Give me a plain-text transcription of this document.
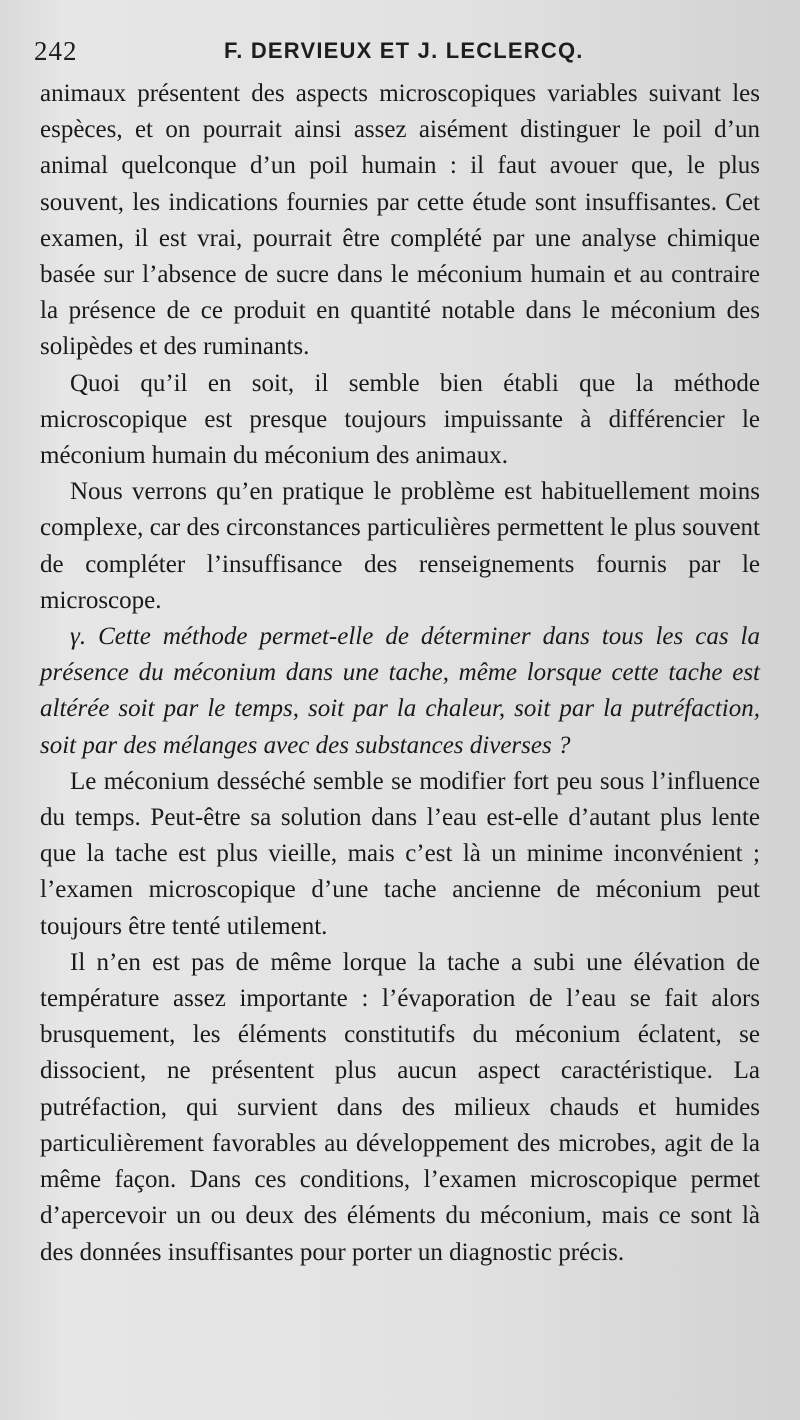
242	F. DERVIEUX ET J. LECLERCQ.

animaux présentent des aspects microscopiques variables suivant les espèces, et on pourrait ainsi assez aisément distinguer le poil d’un animal quelconque d’un poil humain : il faut avouer que, le plus souvent, les indications fournies par cette étude sont insuffisantes. Cet examen, il est vrai, pourrait être complété par une analyse chimique basée sur l’absence de sucre dans le méconium humain et au contraire la présence de ce produit en quantité notable dans le méconium des solipèdes et des ruminants.

Quoi qu’il en soit, il semble bien établi que la méthode microscopique est presque toujours impuissante à différencier le méconium humain du méconium des animaux.

Nous verrons qu’en pratique le problème est habituellement moins complexe, car des circonstances particulières permettent le plus souvent de compléter l’insuffisance des renseignements fournis par le microscope.

γ. Cette méthode permet-elle de déterminer dans tous les cas la présence du méconium dans une tache, même lorsque cette tache est altérée soit par le temps, soit par la chaleur, soit par la putréfaction, soit par des mélanges avec des substances diverses ?

Le méconium desséché semble se modifier fort peu sous l’influence du temps. Peut-être sa solution dans l’eau est-elle d’autant plus lente que la tache est plus vieille, mais c’est là un minime inconvénient ; l’examen microscopique d’une tache ancienne de méconium peut toujours être tenté utilement.

Il n’en est pas de même lorque la tache a subi une élévation de température assez importante : l’évaporation de l’eau se fait alors brusquement, les éléments constitutifs du méconium éclatent, se dissocient, ne présentent plus aucun aspect caractéristique. La putréfaction, qui survient dans des milieux chauds et humides particulièrement favorables au développement des microbes, agit de la même façon. Dans ces conditions, l’examen microscopique permet d’apercevoir un ou deux des éléments du méconium, mais ce sont là des données insuffisantes pour porter un diagnostic précis.
